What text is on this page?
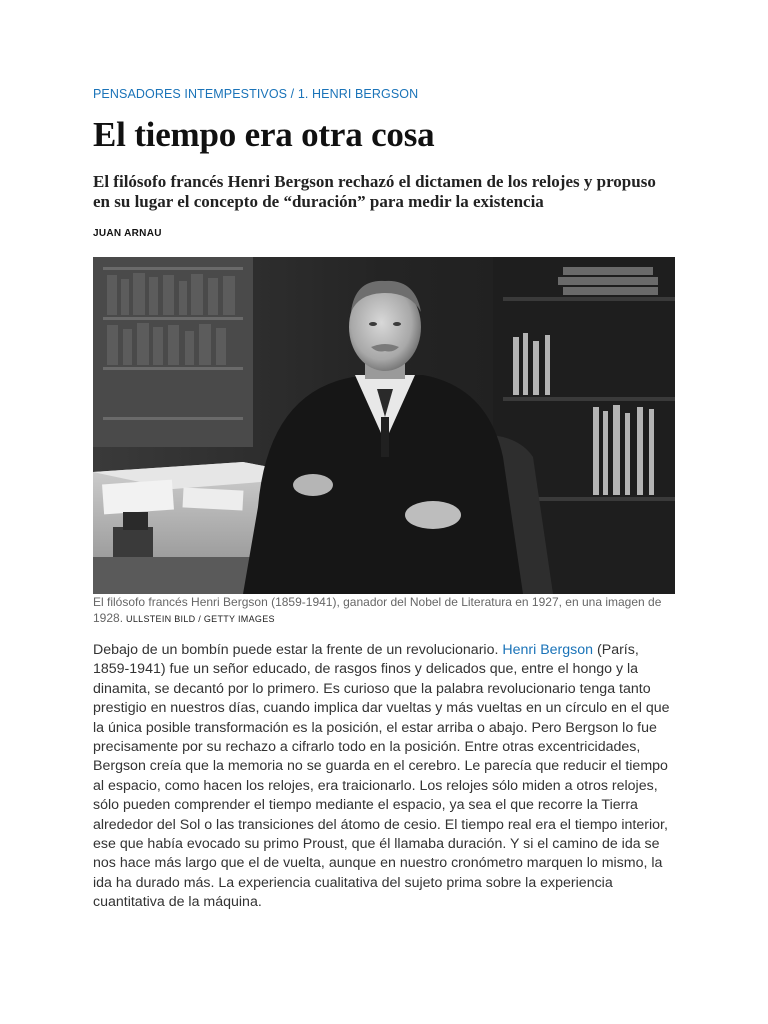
PENSADORES INTEMPESTIVOS / 1. HENRI BERGSON
El tiempo era otra cosa
El filósofo francés Henri Bergson rechazó el dictamen de los relojes y propuso en su lugar el concepto de “duración” para medir la existencia
JUAN ARNAU

El filósofo francés Henri Bergson (1859-1941), ganador del Nobel de Literatura en 1927, en una imagen de 1928. ULLSTEIN BILD / GETTY IMAGES

Debajo de un bombín puede estar la frente de un revolucionario. Henri Bergson (París, 1859-1941) fue un señor educado, de rasgos finos y delicados que, entre el hongo y la dinamita, se decantó por lo primero. Es curioso que la palabra revolucionario tenga tanto prestigio en nuestros días, cuando implica dar vueltas y más vueltas en un círculo en el que la única posible transformación es la posición, el estar arriba o abajo. Pero Bergson lo fue precisamente por su rechazo a cifrarlo todo en la posición. Entre otras excentricidades, Bergson creía que la memoria no se guarda en el cerebro. Le parecía que reducir el tiempo al espacio, como hacen los relojes, era traicionarlo. Los relojes sólo miden a otros relojes, sólo pueden comprender el tiempo mediante el espacio, ya sea el que recorre la Tierra alrededor del Sol o las transiciones del átomo de cesio. El tiempo real era el tiempo interior, ese que había evocado su primo Proust, que él llamaba duración. Y si el camino de ida se nos hace más largo que el de vuelta, aunque en nuestro cronómetro marquen lo mismo, la ida ha durado más. La experiencia cualitativa del sujeto prima sobre la experiencia cuantitativa de la máquina.
